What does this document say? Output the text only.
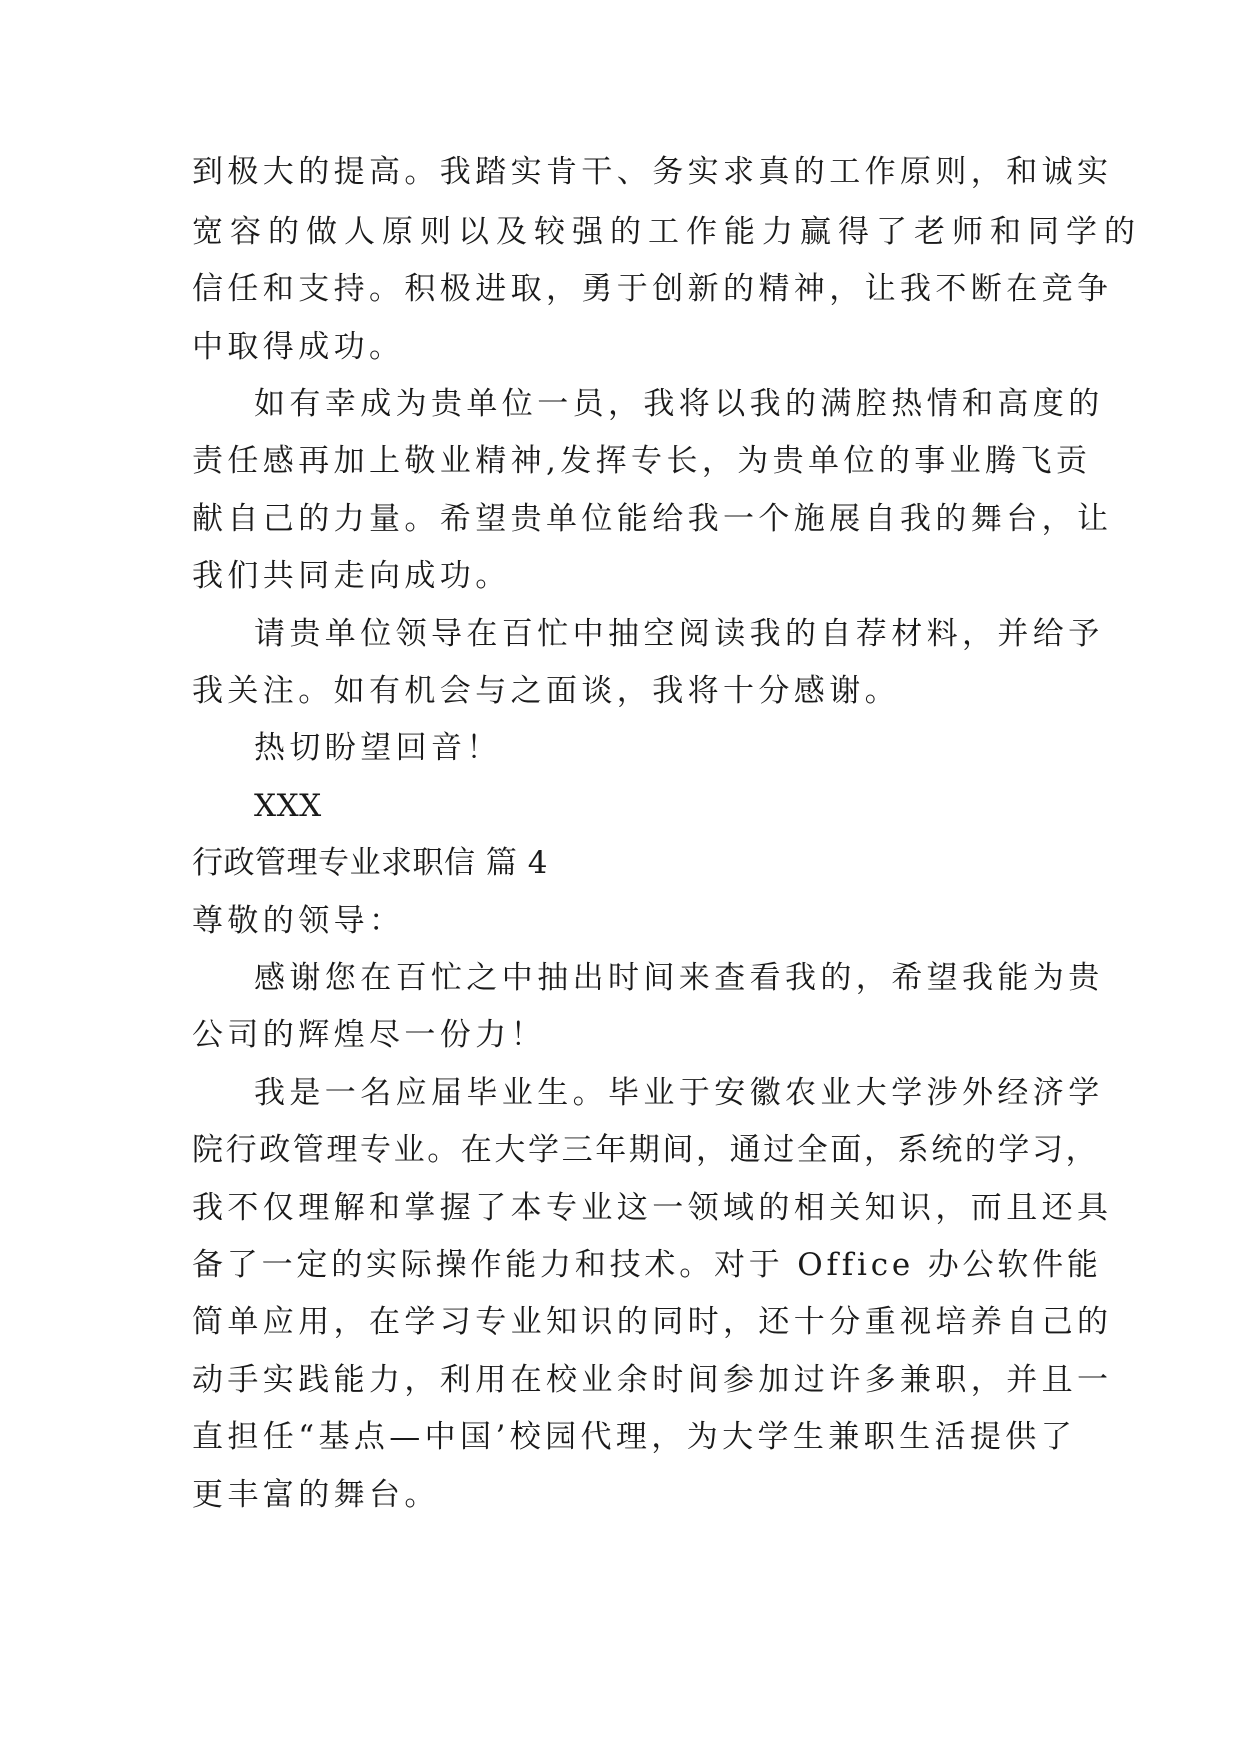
到极大的提高。我踏实肯干、务实求真的工作原则，和诚实
宽容的做人原则以及较强的工作能力赢得了老师和同学的
信任和支持。积极进取，勇于创新的精神，让我不断在竞争
中取得成功。
如有幸成为贵单位一员，我将以我的满腔热情和高度的
责任感再加上敬业精神,发挥专长，为贵单位的事业腾飞贡
献自己的力量。希望贵单位能给我一个施展自我的舞台，让
我们共同走向成功。
请贵单位领导在百忙中抽空阅读我的自荐材料，并给予
我关注。如有机会与之面谈，我将十分感谢。
热切盼望回音！
XXX
行政管理专业求职信 篇 4
尊敬的领导：
感谢您在百忙之中抽出时间来查看我的，希望我能为贵
公司的辉煌尽一份力！
我是一名应届毕业生。毕业于安徽农业大学涉外经济学
院行政管理专业。在大学三年期间，通过全面，系统的学习，
我不仅理解和掌握了本专业这一领域的相关知识，而且还具
备了一定的实际操作能力和技术。对于 Office 办公软件能
简单应用，在学习专业知识的同时，还十分重视培养自己的
动手实践能力，利用在校业余时间参加过许多兼职，并且一
直担任“基点—中国’校园代理，为大学生兼职生活提供了
更丰富的舞台。
